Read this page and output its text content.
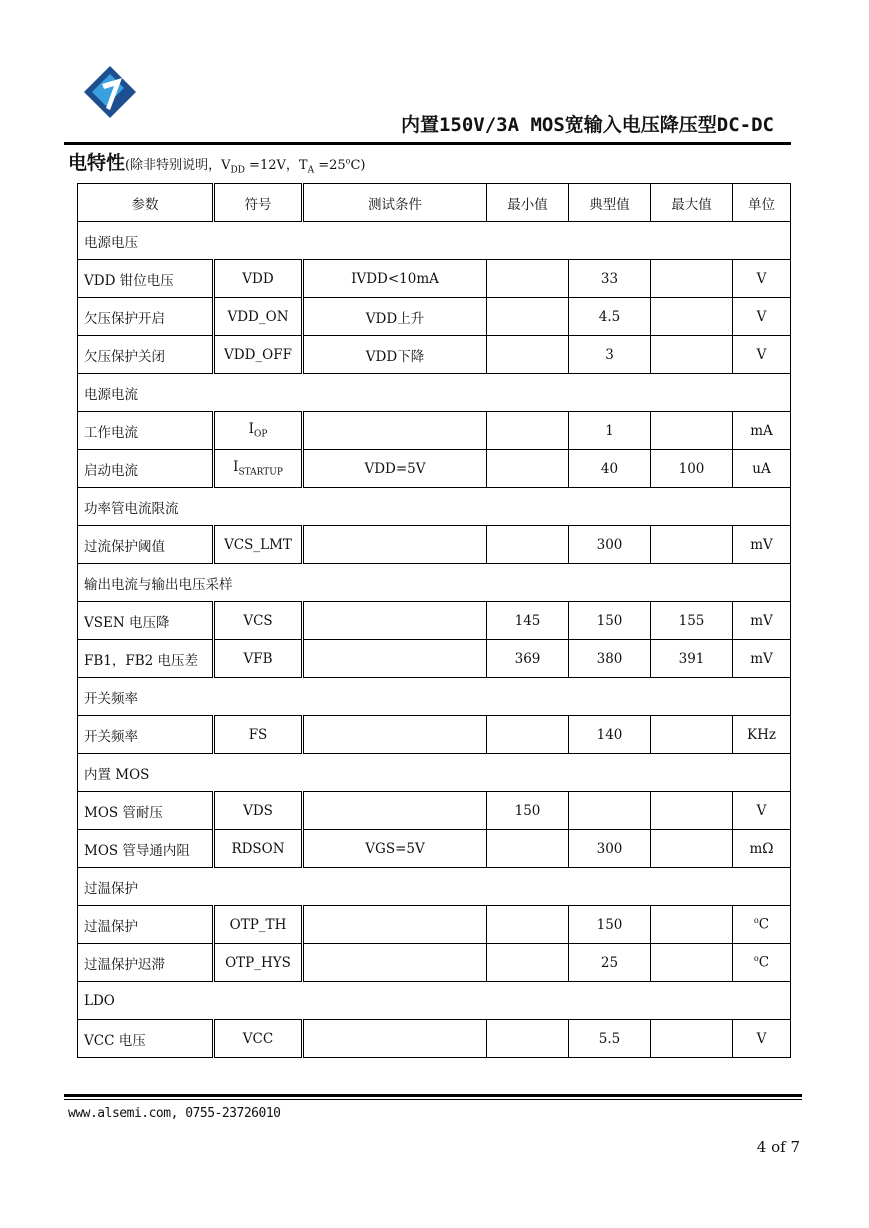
内置150V/3A MOS宽输入电压降压型DC-DC
电特性(除非特别说明，$V_{DD} =12V$，$T_A =25^oC$)
参数	符号	测试条件	最小值	典型值	最大值	单位
电源电压						
VDD 钳位电压	VDD	IVDD<10mA		33		V
欠压保护开启	VDD_ON	VDD上升		4.5		V
欠压保护关闭	VDD_OFF	VDD下降		3		V
电源电流						
工作电流	$I_{OP}$			1		mA
启动电流	$I_{STARTUP}$	VDD=5V		40	100	uA
功率管电流限流						
过流保护阈值	VCS_LMT			300		mV
输出电流与输出电压采样						
VSEN 电压降	VCS		145	150	155	mV
FB1，FB2 电压差	VFB		369	380	391	mV
开关频率						
开关频率	FS			140		KHz
内置 MOS						
MOS 管耐压	VDS		150			V
MOS 管导通内阻	RDSON	VGS=5V		300		mΩ
过温保护						
过温保护	OTP_TH			150		$^o$C
过温保护迟滞	OTP_HYS			25		$^o$C
LDO						
VCC 电压	VCC			5.5		V
www.alsemi.com, 0755-23726010
4 of 7
